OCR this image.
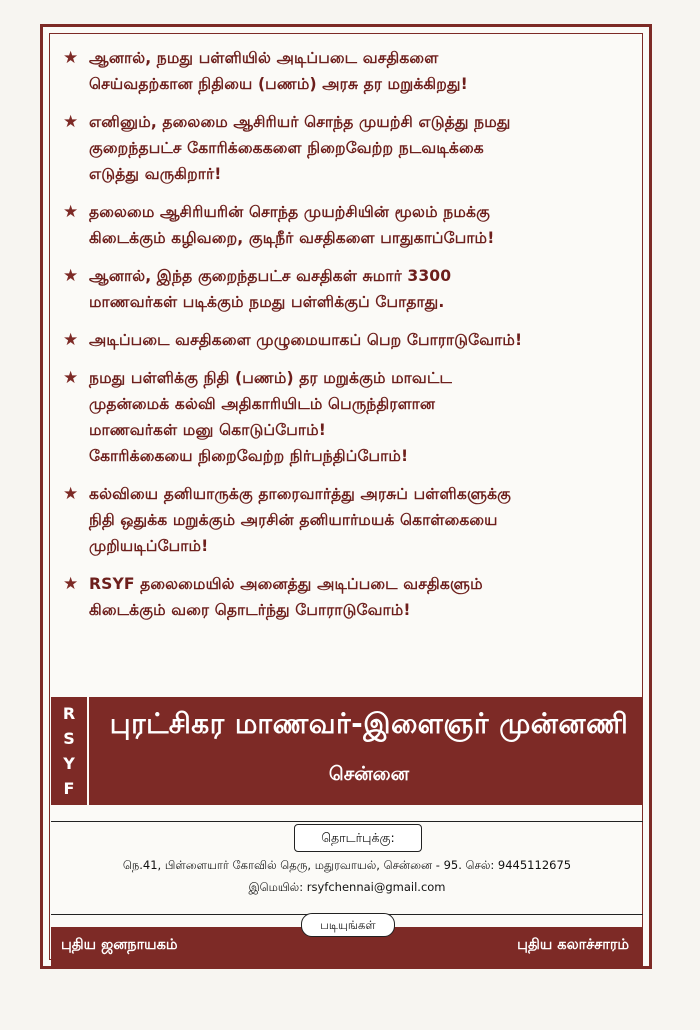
★ ஆனால், நமது பள்ளியில் அடிப்படை வசதிகளை
செய்வதற்கான நிதியை (பணம்) அரசு தர மறுக்கிறது!
★ எனினும், தலைமை ஆசிரியர் சொந்த முயற்சி எடுத்து நமது
குறைந்தபட்ச கோரிக்கைகளை நிறைவேற்ற நடவடிக்கை
எடுத்து வருகிறார்!
★ தலைமை ஆசிரியரின் சொந்த முயற்சியின் மூலம் நமக்கு
கிடைக்கும் கழிவறை, குடிநீர் வசதிகளை பாதுகாப்போம்!
★ ஆனால், இந்த குறைந்தபட்ச வசதிகள் சுமார் 3300
மாணவர்கள் படிக்கும் நமது பள்ளிக்குப் போதாது.
★ அடிப்படை வசதிகளை முழுமையாகப் பெற போராடுவோம்!
★ நமது பள்ளிக்கு நிதி (பணம்) தர மறுக்கும் மாவட்ட
முதன்மைக் கல்வி அதிகாரியிடம் பெருந்திரளான
மாணவர்கள் மனு கொடுப்போம்!
கோரிக்கையை நிறைவேற்ற நிர்பந்திப்போம்!
★ கல்வியை தனியாருக்கு தாரைவார்த்து அரசுப் பள்ளிகளுக்கு
நிதி ஒதுக்க மறுக்கும் அரசின் தனியார்மயக் கொள்கையை
முறியடிப்போம்!
★ RSYF தலைமையில் அனைத்து அடிப்படை வசதிகளும்
கிடைக்கும் வரை தொடர்ந்து போராடுவோம்!
R
S
Y
F
புரட்சிகர மாணவர்-இளைஞர் முன்னணி
சென்னை
தொடர்புக்கு:
நெ.41, பிள்ளையார் கோவில் தெரு, மதுரவாயல், சென்னை - 95. செல்: 9445112675
இமெயில்: rsyfchennai@gmail.com
புதிய ஜனநாயகம்	புதிய கலாச்சாரம்
படியுங்கள்
